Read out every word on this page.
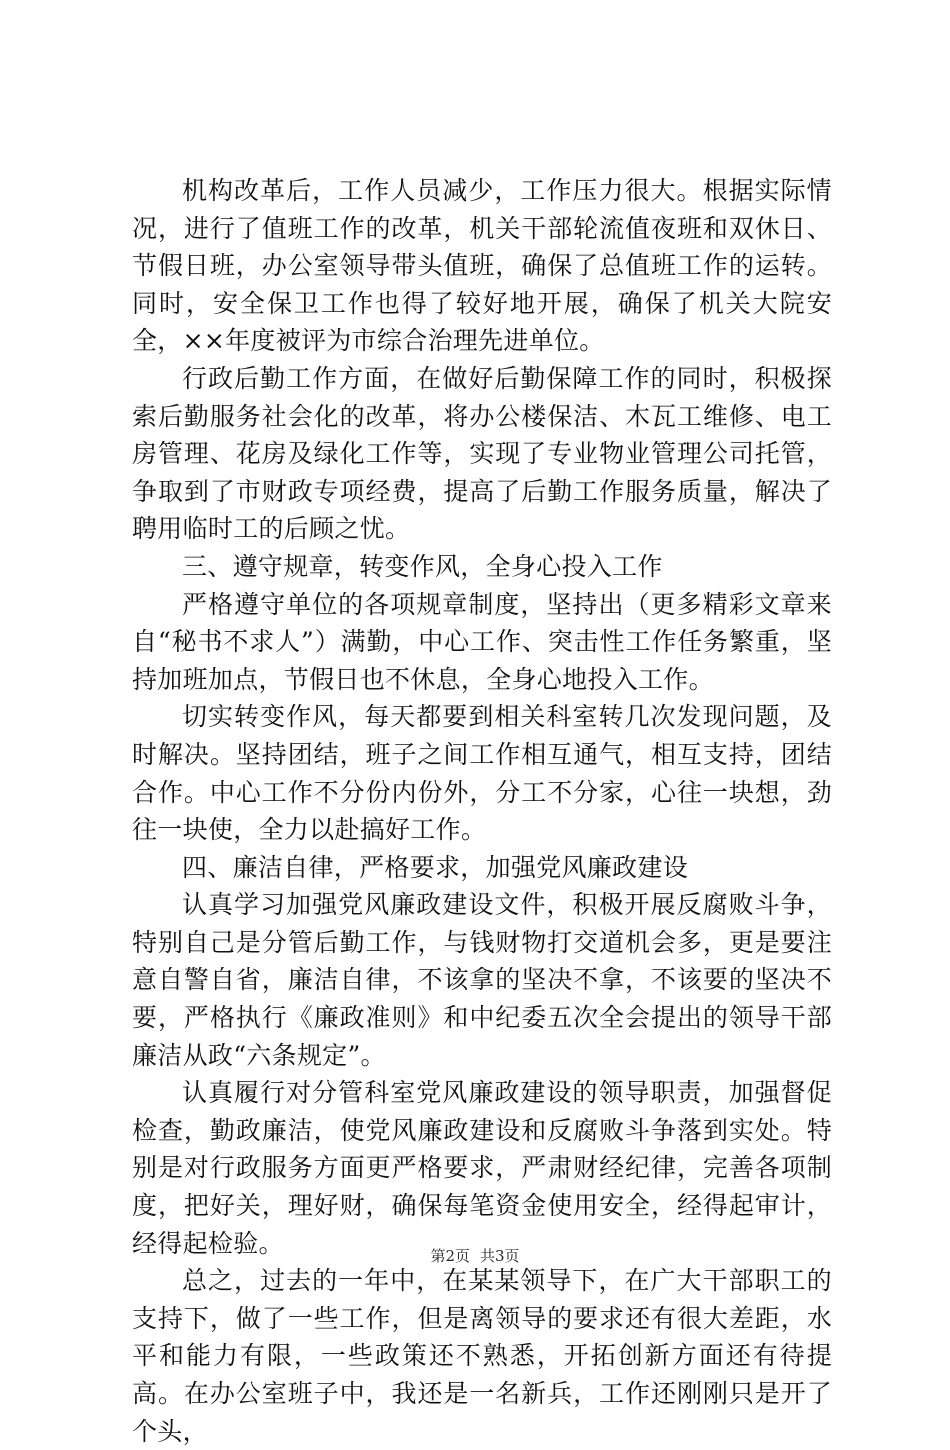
机构改革后，工作人员减少，工作压力很大。根据实际情况，进行了值班工作的改革，机关干部轮流值夜班和双休日、节假日班，办公室领导带头值班，确保了总值班工作的运转。同时，安全保卫工作也得了较好地开展，确保了机关大院安全，××年度被评为市综合治理先进单位。

行政后勤工作方面，在做好后勤保障工作的同时，积极探索后勤服务社会化的改革，将办公楼保洁、木瓦工维修、电工房管理、花房及绿化工作等，实现了专业物业管理公司托管，争取到了市财政专项经费，提高了后勤工作服务质量，解决了聘用临时工的后顾之忧。

三、遵守规章，转变作风，全身心投入工作

严格遵守单位的各项规章制度，坚持出（更多精彩文章来自“秘书不求人”）满勤，中心工作、突击性工作任务繁重，坚持加班加点，节假日也不休息，全身心地投入工作。

切实转变作风，每天都要到相关科室转几次发现问题，及时解决。坚持团结，班子之间工作相互通气，相互支持，团结合作。中心工作不分份内份外，分工不分家，心往一块想，劲往一块使，全力以赴搞好工作。

四、廉洁自律，严格要求，加强党风廉政建设

认真学习加强党风廉政建设文件，积极开展反腐败斗争，特别自己是分管后勤工作，与钱财物打交道机会多，更是要注意自警自省，廉洁自律，不该拿的坚决不拿，不该要的坚决不要，严格执行《廉政准则》和中纪委五次全会提出的领导干部廉洁从政“六条规定”。

认真履行对分管科室党风廉政建设的领导职责，加强督促检查，勤政廉洁，使党风廉政建设和反腐败斗争落到实处。特别是对行政服务方面更严格要求，严肃财经纪律，完善各项制度，把好关，理好财，确保每笔资金使用安全，经得起审计，经得起检验。

总之，过去的一年中，在某某领导下，在广大干部职工的支持下，做了一些工作，但是离领导的要求还有很大差距，水平和能力有限，一些政策还不熟悉，开拓创新方面还有待提高。在办公室班子中，我还是一名新兵，工作还刚刚只是开了个头，

第2页 共3页
